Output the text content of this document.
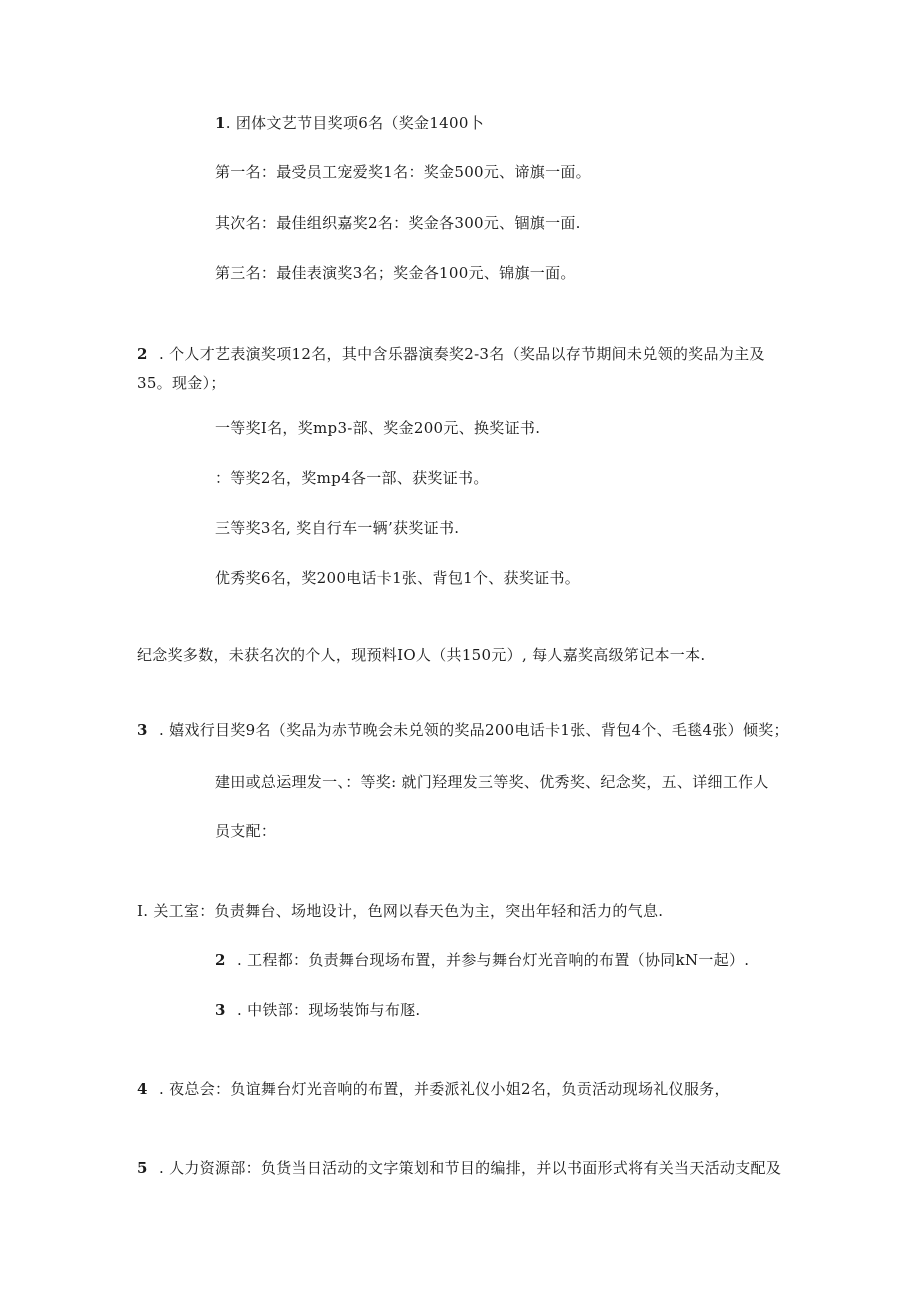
1. 团体文艺节目奖项6名（奖金1400卜
第一名：最受员工宠爱奖1名：奖金500元、谛旗一面。
其次名：最佳组织嘉奖2名：奖金各300元、锢旗一面.
第三名：最佳表演奖3名；奖金各100元、锦旗一面。
2 . 个人才艺表演奖项12名，其中含乐器演奏奖2-3名（奖品以存节期间未兑领的奖品为主及
35。现金）；
一等奖I名，奖mp3-部、奖金200元、换奖证书.
：等奖2名，奖mp4各一部、获奖证书。
三等奖3名, 奖自行车一辆’获奖证书.
优秀奖6名，奖200电话卡1张、背包1个、获奖证书。
纪念奖多数，未获名次的个人，现预料IO人（共150元）, 每人嘉奖高级笫记本一本.
3 . 嬉戏行目奖9名（奖品为赤节晚会未兑领的奖品200电话卡1张、背包4个、毛毯4张）倾奖；
建田或总运理发一、：等奖: 就门羟理发三等奖、优秀奖、纪念奖，五、详细工作人
员支配：
I. 关工室：负责舞台、场地设计，色网以春天色为主，突出年轻和活力的气息.
2 . 工程都：负责舞台现场布置，并参与舞台灯光音响的布置（协同kN一起）.
3 . 中铁部：现场装饰与布豗.
4 . 夜总会：负谊舞台灯光音响的布置，并委派礼仪小姐2名，负贡活动现场礼仪服务，
5 . 人力资源部：负货当日活动的文字策划和节目的编排，并以书面形式将有关当天活动支配及
